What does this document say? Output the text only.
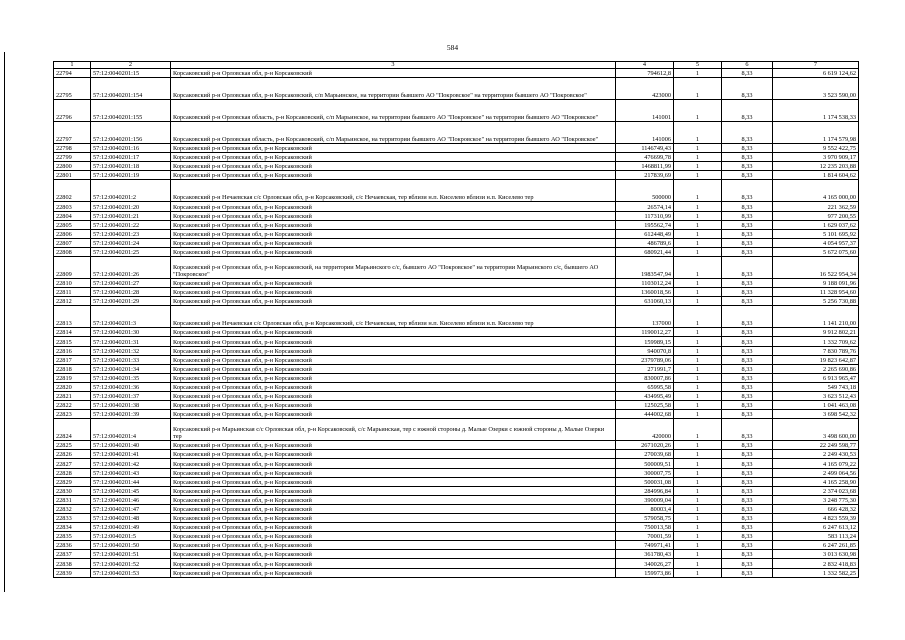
584
1	2	3	4	5	6	7
22794	57:12:0040201:15	Корсаковский р-н Орловская обл, р-н Корсаковский	794612,8	1	8,33	6 619 124,62
22795	57:12:0040201:154	Корсаковский р-н Орловская обл, р-н Корсаковский, с/п Марьинское, на территории бывшего АО "Покровское" на территории бывшего АО "Покровское"	423000	1	8,33	3 523 590,00
22796	57:12:0040201:155	Корсаковский р-н Орловская область, р-н Корсаковский, с/п Марьинское, на территории бывшего АО "Покровское" на территории бывшего АО "Покровское"	141001	1	8,33	1 174 538,33
22797	57:12:0040201:156	Корсаковский р-н Орловская область, р-н Корсаковский, с/п Марьинское, на территории бывшего АО "Покровское" на территории бывшего АО "Покровское"	141006	1	8,33	1 174 579,98
22798	57:12:0040201:16	Корсаковский р-н Орловская обл, р-н Корсаковский	1146749,43	1	8,33	9 552 422,75
22799	57:12:0040201:17	Корсаковский р-н Орловская обл, р-н Корсаковский	476699,78	1	8,33	3 970 909,17
22800	57:12:0040201:18	Корсаковский р-н Орловская обл, р-н Корсаковский	1468811,99	1	8,33	12 235 203,88
22801	57:12:0040201:19	Корсаковский р-н Орловская обл, р-н Корсаковский	217839,69	1	8,33	1 814 604,62
22802	57:12:0040201:2	Корсаковский р-н Нечаевская с/с Орловская обл, р-н Корсаковский, с/с Нечаевская, тер вблизи н.п. Киселево вблизи н.п. Киселево тер	500000	1	8,33	4 165 000,00
22803	57:12:0040201:20	Корсаковский р-н Орловская обл, р-н Корсаковский	26574,14	1	8,33	221 362,59
22804	57:12:0040201:21	Корсаковский р-н Орловская обл, р-н Корсаковский	117310,99	1	8,33	977 200,55
22805	57:12:0040201:22	Корсаковский р-н Орловская обл, р-н Корсаковский	195562,74	1	8,33	1 629 037,62
22806	57:12:0040201:23	Корсаковский р-н Орловская обл, р-н Корсаковский	612448,49	1	8,33	5 101 695,92
22807	57:12:0040201:24	Корсаковский р-н Орловская обл, р-н Корсаковский	486789,6	1	8,33	4 054 957,37
22808	57:12:0040201:25	Корсаковский р-н Орловская обл, р-н Корсаковский	680921,44	1	8,33	5 672 075,60
22809	57:12:0040201:26	Корсаковский р-н Орловская обл, р-н Корсаковский, на территории Марьинского с/с, бывшего АО "Покровское" на территории Марьинского с/с, бывшего АО "Покровское"	1983547,94	1	8,33	16 522 954,34
22810	57:12:0040201:27	Корсаковский р-н Орловская обл, р-н Корсаковский	1103012,24	1	8,33	9 188 091,96
22811	57:12:0040201:28	Корсаковский р-н Орловская обл, р-н Корсаковский	1360018,56	1	8,33	11 328 954,60
22812	57:12:0040201:29	Корсаковский р-н Орловская обл, р-н Корсаковский	631060,13	1	8,33	5 256 730,88
22813	57:12:0040201:3	Корсаковский р-н Нечаевская с/с Орловская обл, р-н Корсаковский, с/с Нечаевская, тер вблизи н.п. Киселево вблизи н.п. Киселево тер	137000	1	8,33	1 141 210,00
22814	57:12:0040201:30	Корсаковский р-н Орловская обл, р-н Корсаковский	1190012,27	1	8,33	9 912 802,21
22815	57:12:0040201:31	Корсаковский р-н Орловская обл, р-н Корсаковский	159989,15	1	8,33	1 332 709,62
22816	57:12:0040201:32	Корсаковский р-н Орловская обл, р-н Корсаковский	940070,8	1	8,33	7 830 789,76
22817	57:12:0040201:33	Корсаковский р-н Орловская обл, р-н Корсаковский	2379789,06	1	8,33	19 823 642,87
22818	57:12:0040201:34	Корсаковский р-н Орловская обл, р-н Корсаковский	271991,7	1	8,33	2 265 690,86
22819	57:12:0040201:35	Корсаковский р-н Орловская обл, р-н Корсаковский	830007,86	1	8,33	6 913 965,47
22820	57:12:0040201:36	Корсаковский р-н Орловская обл, р-н Корсаковский	65995,58	1	8,33	549 743,18
22821	57:12:0040201:37	Корсаковский р-н Орловская обл, р-н Корсаковский	434995,49	1	8,33	3 623 512,43
22822	57:12:0040201:38	Корсаковский р-н Орловская обл, р-н Корсаковский	125025,58	1	8,33	1 041 463,08
22823	57:12:0040201:39	Корсаковский р-н Орловская обл, р-н Корсаковский	444002,68	1	8,33	3 698 542,32
22824	57:12:0040201:4	Корсаковский р-н Марьинская с/с Орловская обл, р-н Корсаковский, с/с Марьинская, тер с южной стороны д. Малые Озерки с южной стороны д. Малые Озерки тер	420000	1	8,33	3 498 600,00
22825	57:12:0040201:40	Корсаковский р-н Орловская обл, р-н Корсаковский	2671020,26	1	8,33	22 249 598,77
22826	57:12:0040201:41	Корсаковский р-н Орловская обл, р-н Корсаковский	270039,68	1	8,33	2 249 430,53
22827	57:12:0040201:42	Корсаковский р-н Орловская обл, р-н Корсаковский	500009,51	1	8,33	4 165 079,22
22828	57:12:0040201:43	Корсаковский р-н Орловская обл, р-н Корсаковский	300007,75	1	8,33	2 499 064,56
22829	57:12:0040201:44	Корсаковский р-н Орловская обл, р-н Корсаковский	500031,08	1	8,33	4 165 258,90
22830	57:12:0040201:45	Корсаковский р-н Орловская обл, р-н Корсаковский	284996,84	1	8,33	2 374 023,68
22831	57:12:0040201:46	Корсаковский р-н Орловская обл, р-н Корсаковский	390009,04	1	8,33	3 248 775,30
22832	57:12:0040201:47	Корсаковский р-н Орловская обл, р-н Корсаковский	80003,4	1	8,33	666 428,32
22833	57:12:0040201:48	Корсаковский р-н Орловская обл, р-н Корсаковский	579058,75	1	8,33	4 823 559,39
22834	57:12:0040201:49	Корсаковский р-н Орловская обл, р-н Корсаковский	750013,58	1	8,33	6 247 613,12
22835	57:12:0040201:5	Корсаковский р-н Орловская обл, р-н Корсаковский	70001,59	1	8,33	583 113,24
22836	57:12:0040201:50	Корсаковский р-н Орловская обл, р-н Корсаковский	749971,41	1	8,33	6 247 261,85
22837	57:12:0040201:51	Корсаковский р-н Орловская обл, р-н Корсаковский	361780,43	1	8,33	3 013 630,98
22838	57:12:0040201:52	Корсаковский р-н Орловская обл, р-н Корсаковский	340026,27	1	8,33	2 832 418,83
22839	57:12:0040201:53	Корсаковский р-н Орловская обл, р-н Корсаковский	159973,86	1	8,33	1 332 582,25
